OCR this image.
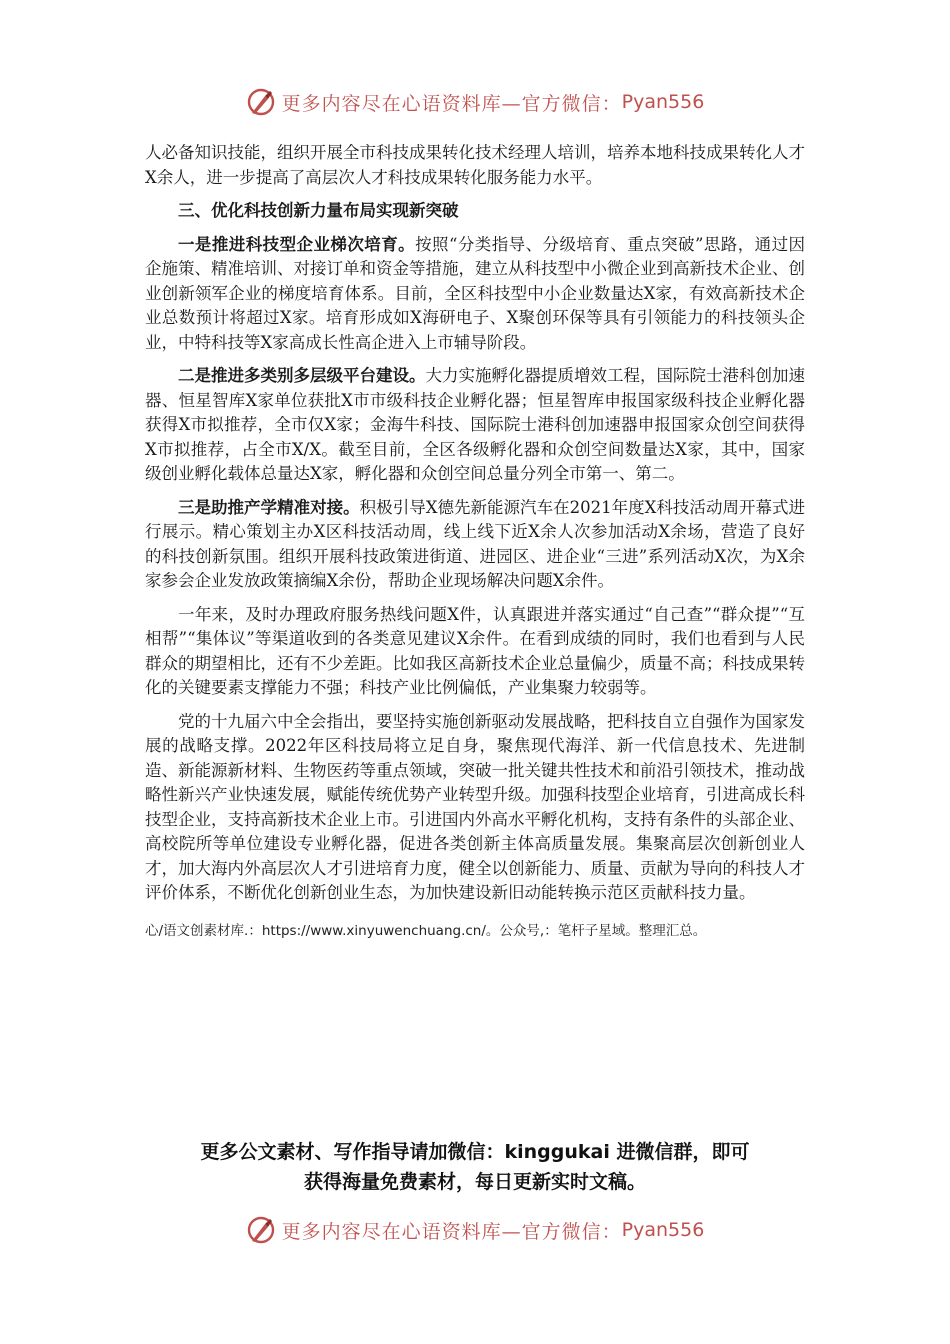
更多内容尽在心语资料库—官方微信： Pyan556

人必备知识技能，组织开展全市科技成果转化技术经理人培训，培养本地科技成果转化人才X余人，进一步提高了高层次人才科技成果转化服务能力水平。

三、优化科技创新力量布局实现新突破

一是推进科技型企业梯次培育。按照“分类指导、分级培育、重点突破”思路，通过因企施策、精准培训、对接订单和资金等措施，建立从科技型中小微企业到高新技术企业、创业创新领军企业的梯度培育体系。目前，全区科技型中小企业数量达X家，有效高新技术企业总数预计将超过X家。培育形成如X海研电子、X聚创环保等具有引领能力的科技领头企业，中特科技等X家高成长性高企进入上市辅导阶段。

二是推进多类别多层级平台建设。大力实施孵化器提质增效工程，国际院士港科创加速器、恒星智库X家单位获批X市市级科技企业孵化器；恒星智库申报国家级科技企业孵化器获得X市拟推荐，全市仅X家；金海牛科技、国际院士港科创加速器申报国家众创空间获得X市拟推荐，占全市X/X。截至目前，全区各级孵化器和众创空间数量达X家，其中，国家级创业孵化载体总量达X家，孵化器和众创空间总量分列全市第一、第二。

三是助推产学精准对接。积极引导X德先新能源汽车在2021年度X科技活动周开幕式进行展示。精心策划主办X区科技活动周，线上线下近X余人次参加活动X余场，营造了良好的科技创新氛围。组织开展科技政策进街道、进园区、进企业“三进”系列活动X次，为X余家参会企业发放政策摘编X余份，帮助企业现场解决问题X余件。

一年来，及时办理政府服务热线问题X件，认真跟进并落实通过“自己查”“群众提”“互相帮”“集体议”等渠道收到的各类意见建议X余件。在看到成绩的同时，我们也看到与人民群众的期望相比，还有不少差距。比如我区高新技术企业总量偏少，质量不高；科技成果转化的关键要素支撑能力不强；科技产业比例偏低，产业集聚力较弱等。

党的十九届六中全会指出，要坚持实施创新驱动发展战略，把科技自立自强作为国家发展的战略支撑。2022年区科技局将立足自身，聚焦现代海洋、新一代信息技术、先进制造、新能源新材料、生物医药等重点领域，突破一批关键共性技术和前沿引领技术，推动战略性新兴产业快速发展，赋能传统优势产业转型升级。加强科技型企业培育，引进高成长科技型企业，支持高新技术企业上市。引进国内外高水平孵化机构，支持有条件的头部企业、高校院所等单位建设专业孵化器，促进各类创新主体高质量发展。集聚高层次创新创业人才，加大海内外高层次人才引进培育力度，健全以创新能力、质量、贡献为导向的科技人才评价体系，不断优化创新创业生态，为加快建设新旧动能转换示范区贡献科技力量。

心/语文创素材库.：https://www.xinyuwenchuang.cn/。公众号,：笔杆子星域。整理汇总。

更多公文素材、写作指导请加微信：kinggukai 进微信群，即可
获得海量免费素材，每日更新实时文稿。
更多内容尽在心语资料库—官方微信： Pyan556
